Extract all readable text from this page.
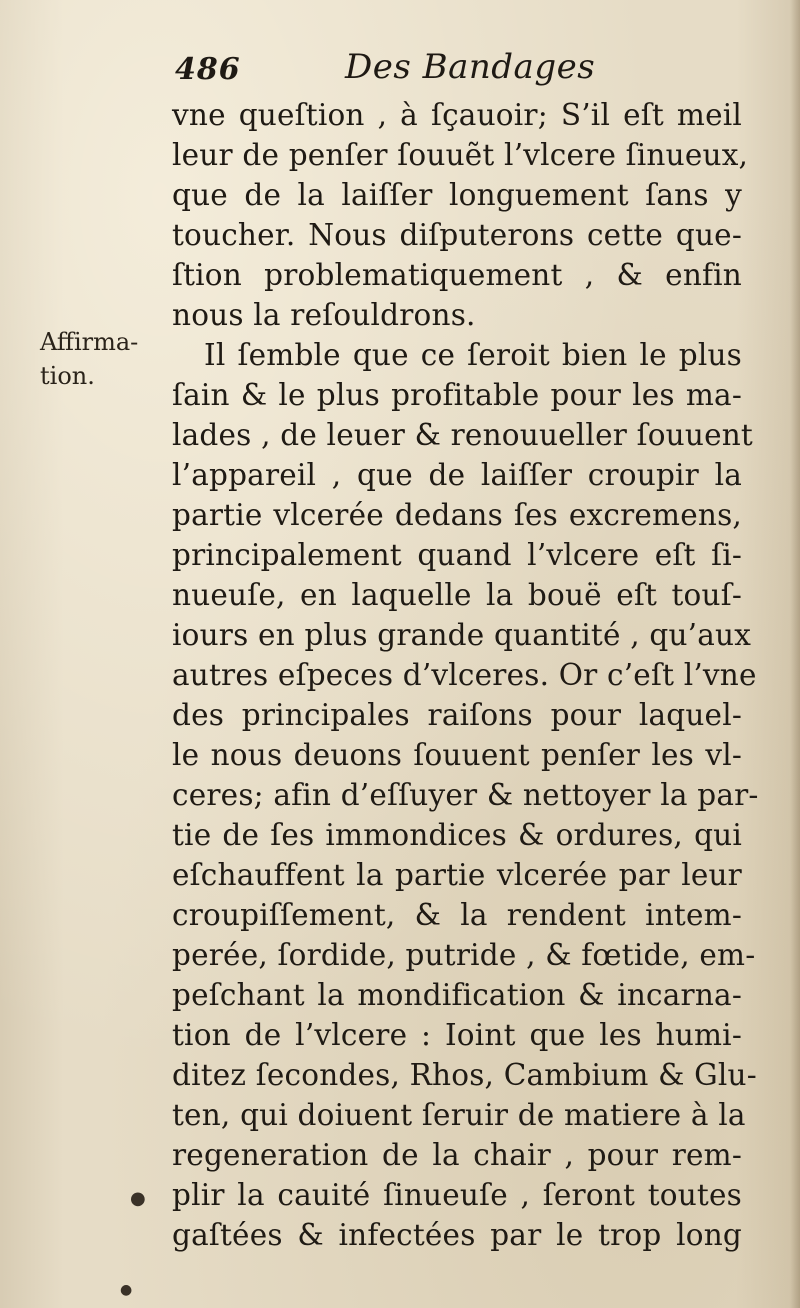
486	Des Bandages
Affirma-
tion.
vne queſtion , à ſçauoir; S’il eſt meil
leur de penſer ſouuẽt l’vlcere ſinueux,
que de la laiſſer longuement ſans y
toucher. Nous diſputerons cette que-
ſtion problematiquement , & enfin
nous la reſouldrons.
Il ſemble que ce ſeroit bien le plus
ſain & le plus profitable pour les ma-
lades , de leuer & renouueller ſouuent
l’appareil , que de laiſſer croupir la
partie vlcerée dedans ſes excremens,
principalement quand l’vlcere eſt ſi-
nueuſe, en laquelle la bouë eſt touſ-
iours en plus grande quantité , qu’aux
autres eſpeces d’vlceres. Or c’eſt l’vne
des principales raiſons pour laquel-
le nous deuons ſouuent penſer les vl-
ceres; afin d’eſſuyer & nettoyer la par-
tie de ſes immondices & ordures, qui
eſchauffent la partie vlcerée par leur
croupiſſement, & la rendent intem-
perée, ſordide, putride , & fœtide, em-
peſchant la mondification & incarna-
tion de l’vlcere : Ioint que les humi-
ditez ſecondes, Rhos, Cambium & Glu-
ten, qui doiuent ſeruir de matiere à la
regeneration de la chair , pour rem-
plir la cauité ſinueuſe , ſeront toutes
gaſtées & infectées par le trop long
●
●
